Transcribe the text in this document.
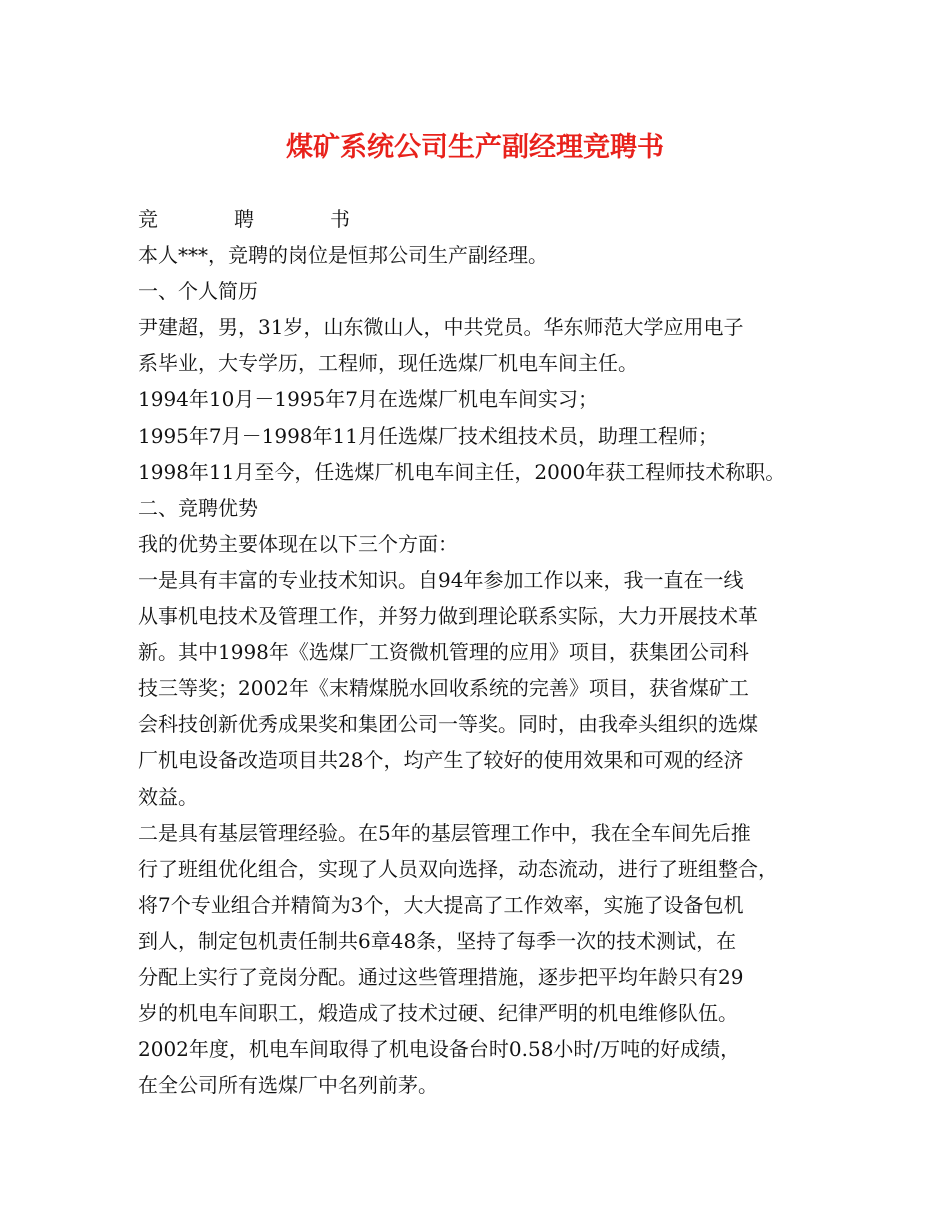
煤矿系统公司生产副经理竞聘书
竞	聘	书
本人***，竞聘的岗位是恒邦公司生产副经理。
一、个人简历
尹建超，男，31岁，山东微山人，中共党员。华东师范大学应用电子
系毕业，大专学历，工程师，现任选煤厂机电车间主任。
1994年10月－1995年7月在选煤厂机电车间实习；
1995年7月－1998年11月任选煤厂技术组技术员，助理工程师；
1998年11月至今，任选煤厂机电车间主任，2000年获工程师技术称职。
二、竞聘优势
我的优势主要体现在以下三个方面：
一是具有丰富的专业技术知识。自94年参加工作以来，我一直在一线
从事机电技术及管理工作，并努力做到理论联系实际，大力开展技术革
新。其中1998年《选煤厂工资微机管理的应用》项目，获集团公司科
技三等奖；2002年《末精煤脱水回收系统的完善》项目，获省煤矿工
会科技创新优秀成果奖和集团公司一等奖。同时，由我牵头组织的选煤
厂机电设备改造项目共28个，均产生了较好的使用效果和可观的经济
效益。
二是具有基层管理经验。在5年的基层管理工作中，我在全车间先后推
行了班组优化组合，实现了人员双向选择，动态流动，进行了班组整合，
将7个专业组合并精简为3个，大大提高了工作效率，实施了设备包机
到人，制定包机责任制共6章48条，坚持了每季一次的技术测试，在
分配上实行了竞岗分配。通过这些管理措施，逐步把平均年龄只有29
岁的机电车间职工，煅造成了技术过硬、纪律严明的机电维修队伍。
2002年度，机电车间取得了机电设备台时0.58小时/万吨的好成绩，
在全公司所有选煤厂中名列前茅。
